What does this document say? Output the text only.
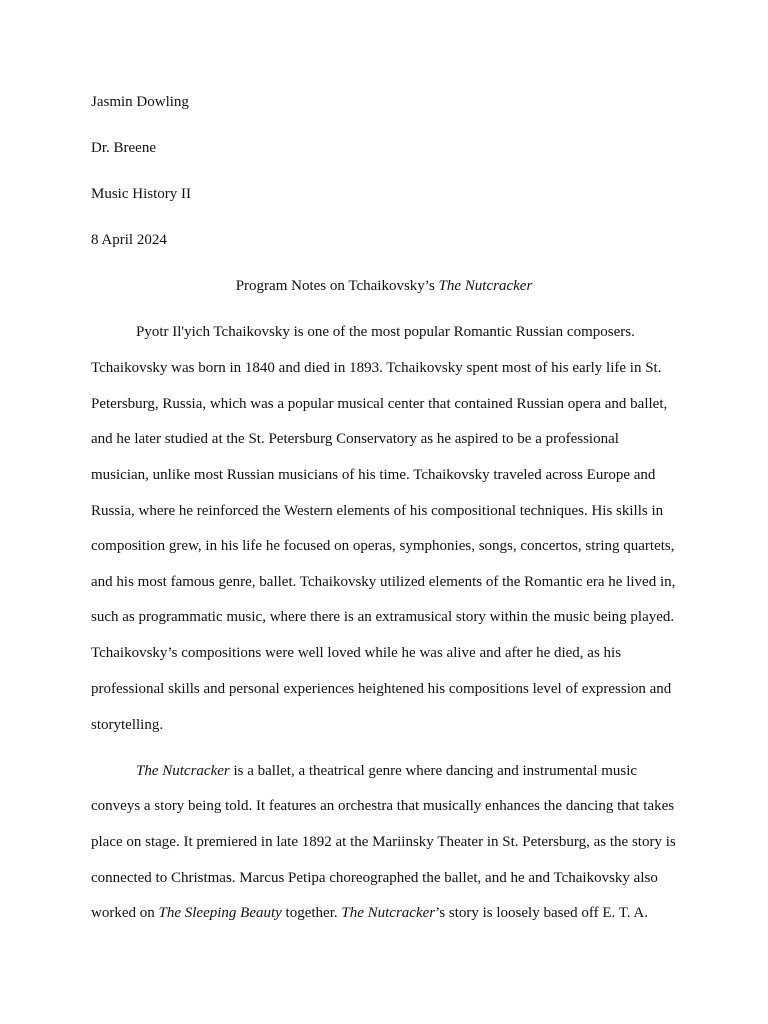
Jasmin Dowling
Dr. Breene
Music History II
8 April 2024
Program Notes on Tchaikovsky’s The Nutcracker
Pyotr Il'yich Tchaikovsky is one of the most popular Romantic Russian composers.
Tchaikovsky was born in 1840 and died in 1893. Tchaikovsky spent most of his early life in St.
Petersburg, Russia, which was a popular musical center that contained Russian opera and ballet,
and he later studied at the St. Petersburg Conservatory as he aspired to be a professional
musician, unlike most Russian musicians of his time. Tchaikovsky traveled across Europe and
Russia, where he reinforced the Western elements of his compositional techniques. His skills in
composition grew, in his life he focused on operas, symphonies, songs, concertos, string quartets,
and his most famous genre, ballet. Tchaikovsky utilized elements of the Romantic era he lived in,
such as programmatic music, where there is an extramusical story within the music being played.
Tchaikovsky’s compositions were well loved while he was alive and after he died, as his
professional skills and personal experiences heightened his compositions level of expression and
storytelling.
The Nutcracker is a ballet, a theatrical genre where dancing and instrumental music
conveys a story being told. It features an orchestra that musically enhances the dancing that takes
place on stage. It premiered in late 1892 at the Mariinsky Theater in St. Petersburg, as the story is
connected to Christmas. Marcus Petipa choreographed the ballet, and he and Tchaikovsky also
worked on The Sleeping Beauty together. The Nutcracker’s story is loosely based off E. T. A.
